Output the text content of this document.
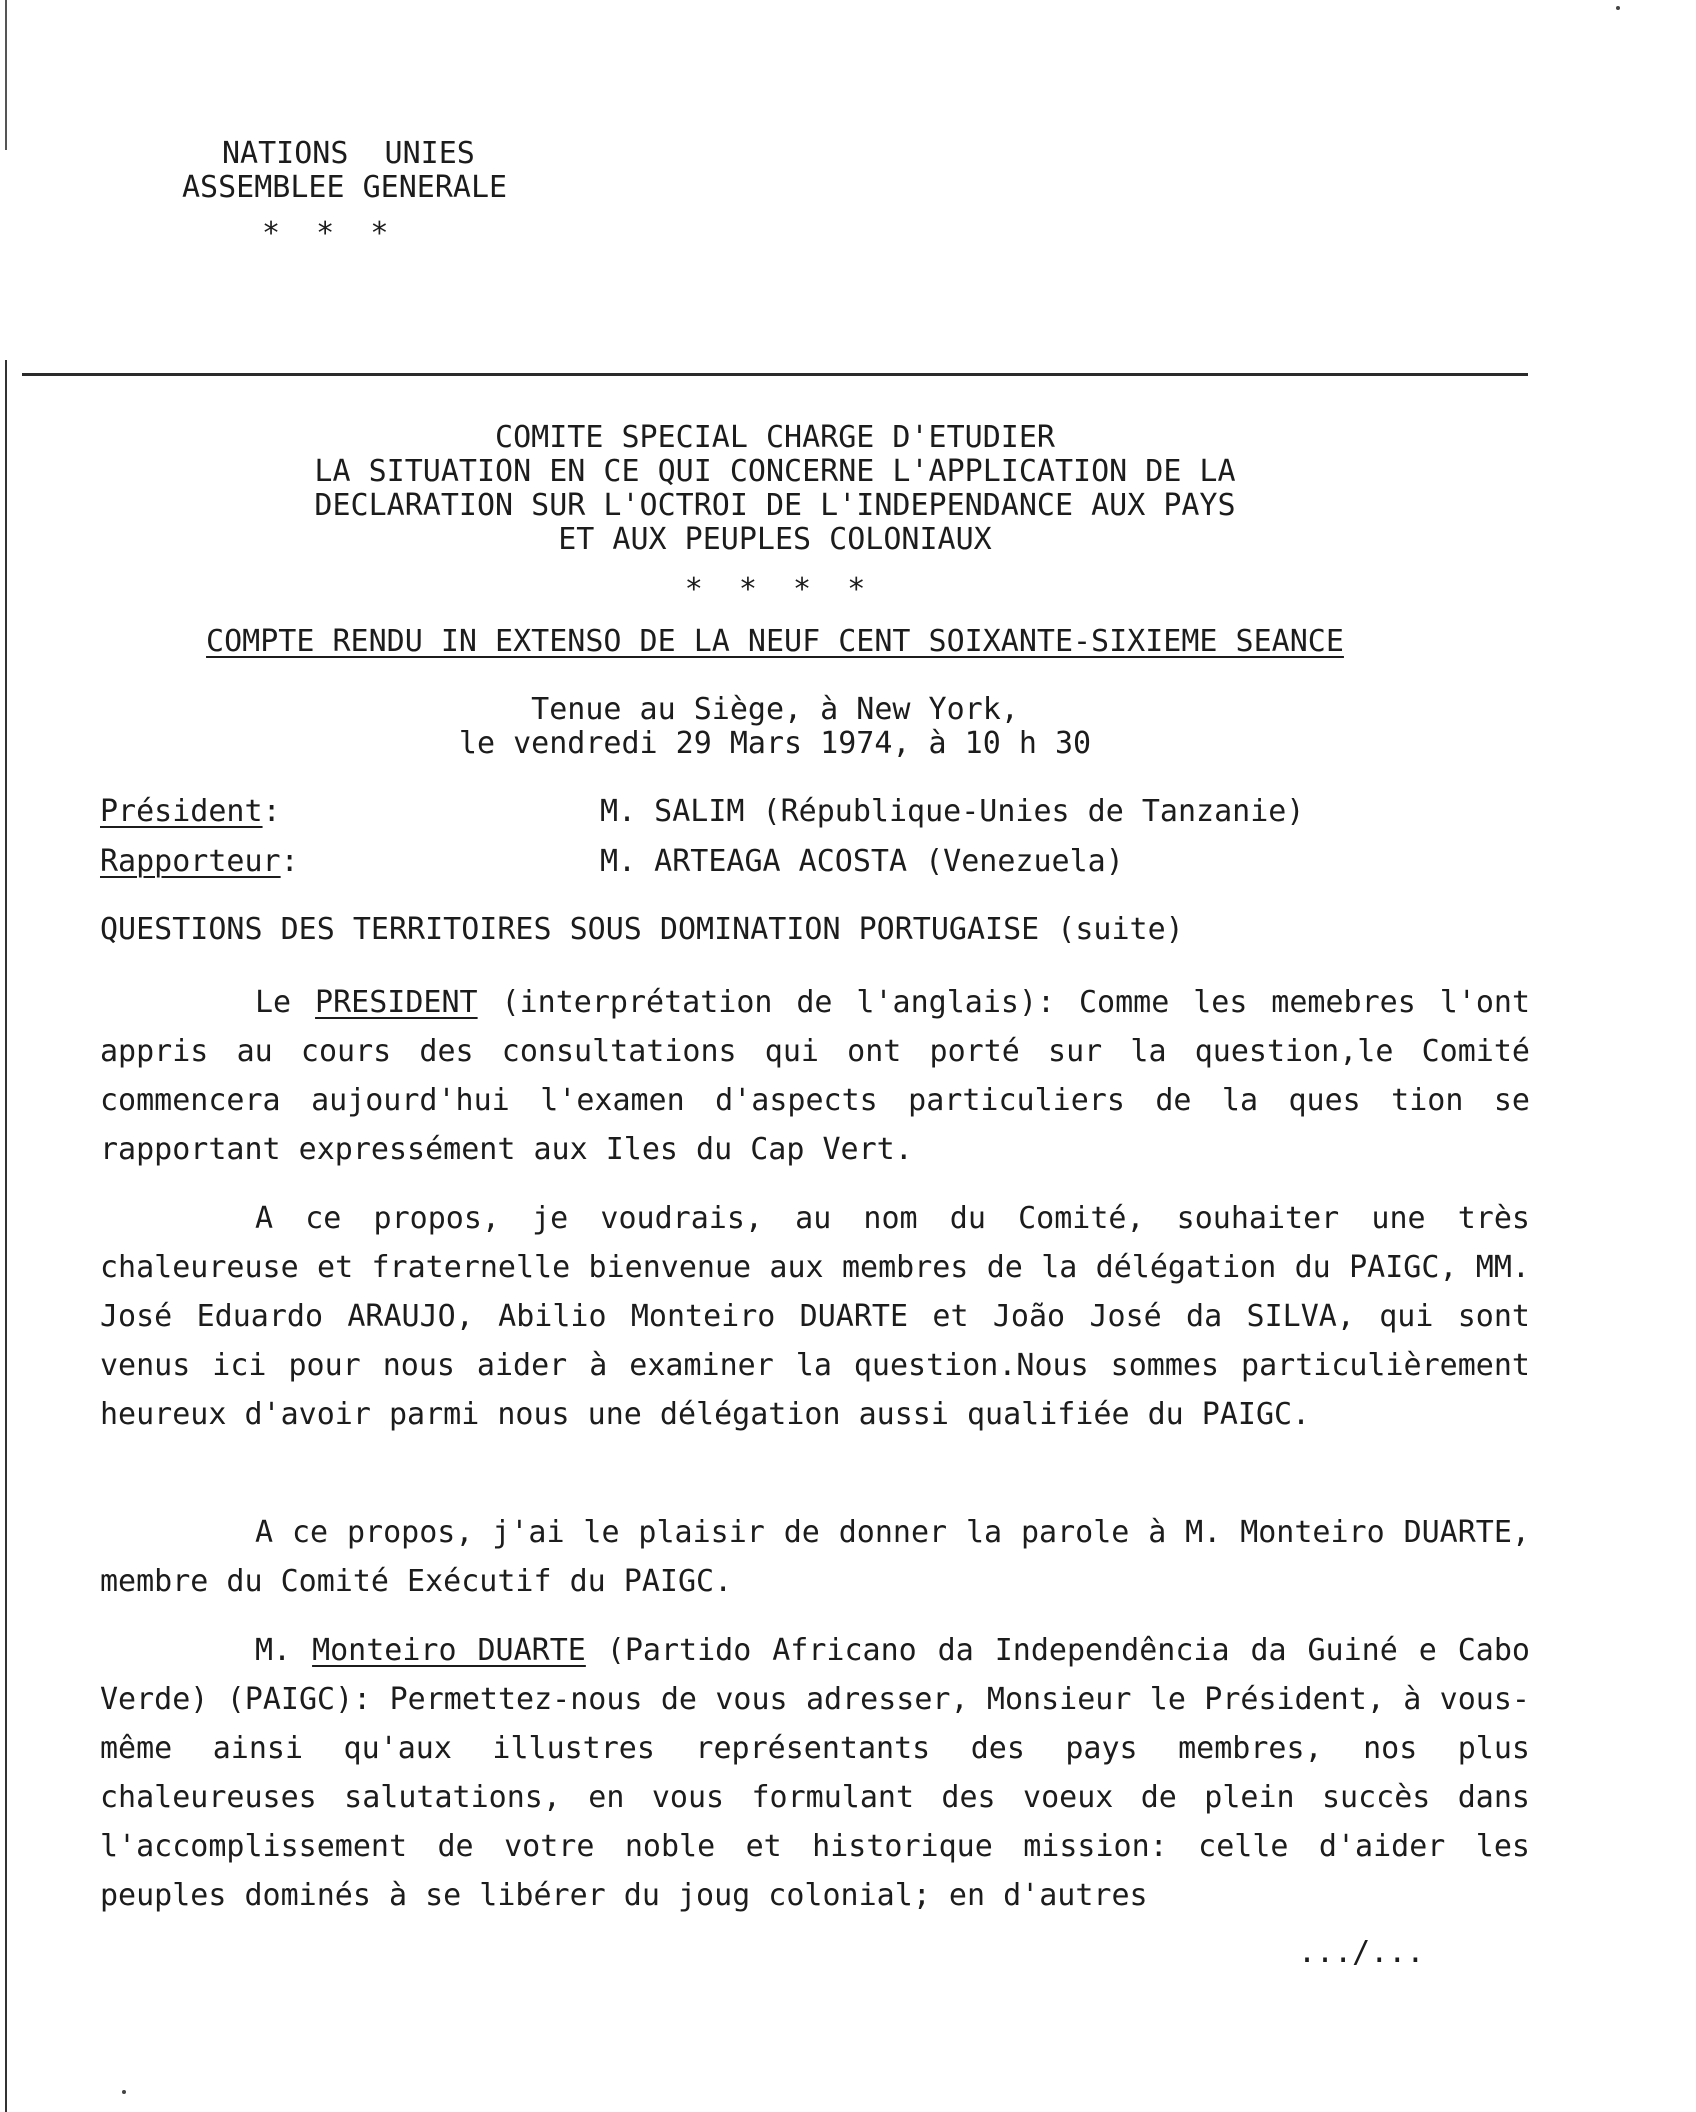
NATIONS  UNIES
ASSEMBLEE GENERALE
*  *  *
COMITE SPECIAL CHARGE D'ETUDIER
LA SITUATION EN CE QUI CONCERNE L'APPLICATION DE LA
DECLARATION SUR L'OCTROI DE L'INDEPENDANCE AUX PAYS
ET AUX PEUPLES COLONIAUX
*  *  *  *
COMPTE RENDU IN EXTENSO DE LA NEUF CENT SOIXANTE-SIXIEME SEANCE
Tenue au Siège, à New York,
le vendredi 29 Mars 1974, à 10 h 30
Président:	M. SALIM (République-Unies de Tanzanie)
Rapporteur:	M. ARTEAGA ACOSTA (Venezuela)
QUESTIONS DES TERRITOIRES SOUS DOMINATION PORTUGAISE (suite)
Le PRESIDENT (interprétation de l'anglais): Comme les memebres l'ont appris au cours des consultations qui ont porté sur la question,le Comité commencera aujourd'hui l'examen d'aspects particuliers de la ques tion se rapportant expressément aux Iles du Cap Vert.
A ce propos, je voudrais, au nom du Comité, souhaiter une très chaleureuse et fraternelle bienvenue aux membres de la délégation du PAIGC, MM. José Eduardo ARAUJO, Abilio Monteiro DUARTE et João José da SILVA, qui sont venus ici pour nous aider à examiner la question.Nous sommes particulièrement heureux d'avoir parmi nous une délégation aussi qualifiée du PAIGC.
A ce propos, j'ai le plaisir de donner la parole à M. Monteiro DUARTE, membre du Comité Exécutif du PAIGC.
M. Monteiro DUARTE (Partido Africano da Independência da Guiné e Cabo Verde) (PAIGC): Permettez-nous de vous adresser, Monsieur le Président, à vous-même ainsi qu'aux illustres représentants des pays membres, nos plus chaleureuses salutations, en vous formulant des voeux de plein succès dans l'accomplissement de votre noble et historique mission: celle d'aider les peuples dominés à se libérer du joug colonial; en d'autres
.../...
